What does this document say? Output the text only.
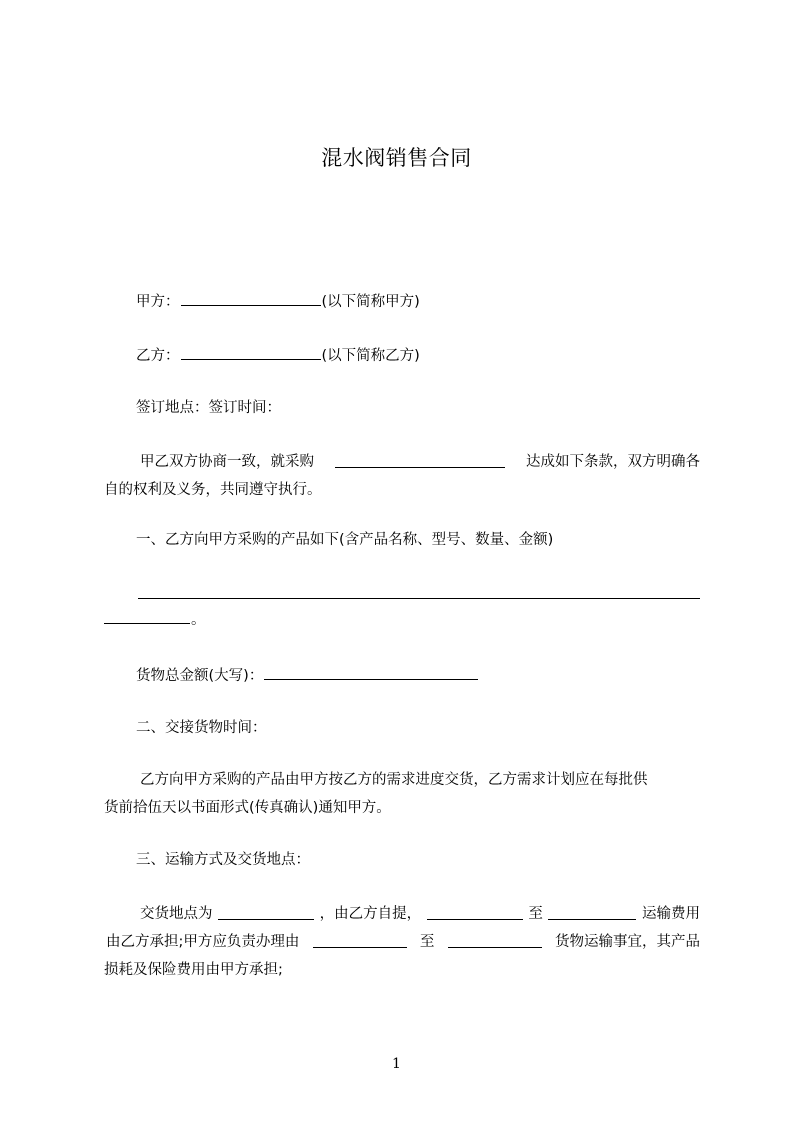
混水阀销售合同
甲方：	(以下简称甲方)
乙方：	(以下简称乙方)
签订地点：签订时间：
甲乙双方协商一致，就采购	达成如下条款，双方明确各
自的权利及义务，共同遵守执行。
一、乙方向甲方采购的产品如下(含产品名称、型号、数量、金额)
。
货物总金额(大写)：
二、交接货物时间：
乙方向甲方采购的产品由甲方按乙方的需求进度交货，乙方需求计划应在每批供
货前拾伍天以书面形式(传真确认)通知甲方。
三、运输方式及交货地点：
交货地点为	，由乙方自提，	至	运输费用
由乙方承担;甲方应负责办理由	至	货物运输事宜，其产品
损耗及保险费用由甲方承担;
1
